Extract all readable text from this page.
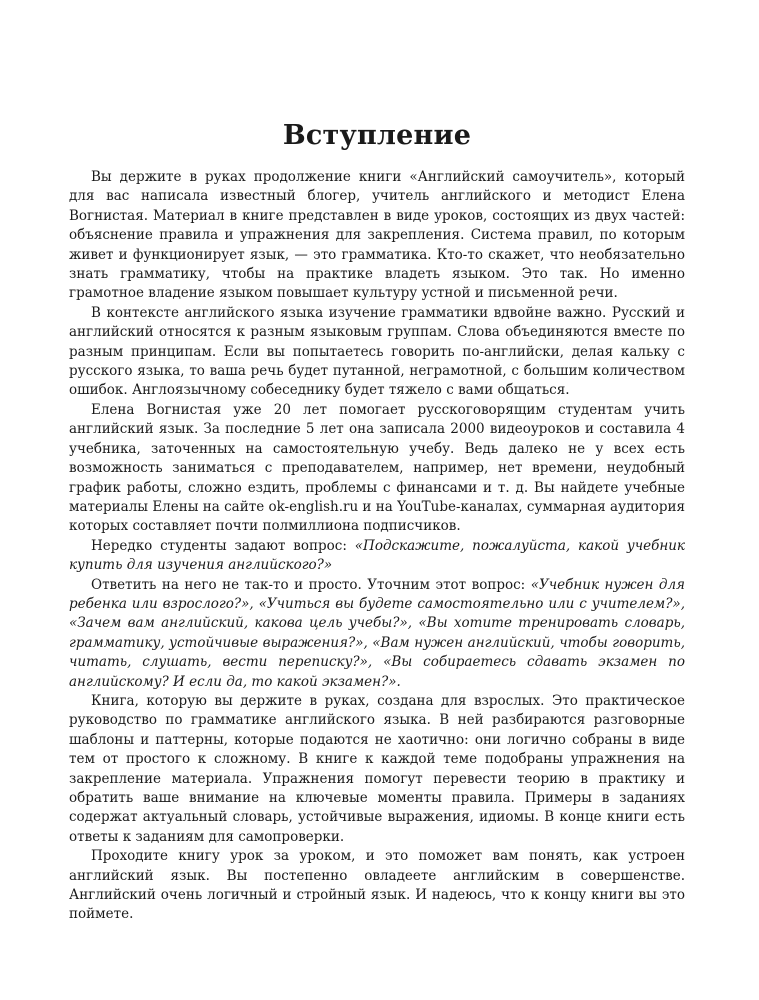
Вступление

Вы держите в руках продолжение книги «Английский самоучитель», который для вас написала известный блогер, учитель английского и методист Елена Вогнистая. Материал в книге представлен в виде уроков, состоящих из двух частей: объяснение правила и упражнения для закрепления. Система правил, по которым живет и функционирует язык, — это грамматика. Кто-то скажет, что необязательно знать грамматику, чтобы на практике владеть языком. Это так. Но именно грамотное владение языком повышает культуру устной и письменной речи.

В контексте английского языка изучение грамматики вдвойне важно. Русский и английский относятся к разным языковым группам. Слова объединяются вместе по разным принципам. Если вы попытаетесь говорить по-английски, делая кальку с русского языка, то ваша речь будет путанной, неграмотной, с большим количеством ошибок. Англоязычному собеседнику будет тяжело с вами общаться.

Елена Вогнистая уже 20 лет помогает русскоговорящим студентам учить английский язык. За последние 5 лет она записала 2000 видеоуроков и составила 4 учебника, заточенных на самостоятельную учебу. Ведь далеко не у всех есть возможность заниматься с преподавателем, например, нет времени, неудобный график работы, сложно ездить, проблемы с финансами и т. д. Вы найдете учебные материалы Елены на сайте ok-english.ru и на YouTube-каналах, суммарная аудитория которых составляет почти полмиллиона подписчиков.

Нередко студенты задают вопрос: «Подскажите, пожалуйста, какой учебник купить для изучения английского?»

Ответить на него не так-то и просто. Уточним этот вопрос: «Учебник нужен для ребенка или взрослого?», «Учиться вы будете самостоятельно или с учителем?», «Зачем вам английский, какова цель учебы?», «Вы хотите тренировать словарь, грамматику, устойчивые выражения?», «Вам нужен английский, чтобы говорить, читать, слушать, вести переписку?», «Вы собираетесь сдавать экзамен по английскому? И если да, то какой экзамен?».

Книга, которую вы держите в руках, создана для взрослых. Это практическое руководство по грамматике английского языка. В ней разбираются разговорные шаблоны и паттерны, которые подаются не хаотично: они логично собраны в виде тем от простого к сложному. В книге к каждой теме подобраны упражнения на закрепление материала. Упражнения помогут перевести теорию в практику и обратить ваше внимание на ключевые моменты правила. Примеры в заданиях содержат актуальный словарь, устойчивые выражения, идиомы. В конце книги есть ответы к заданиям для самопроверки.

Проходите книгу урок за уроком, и это поможет вам понять, как устроен английский язык. Вы постепенно овладеете английским в совершенстве. Английский очень логичный и стройный язык. И надеюсь, что к концу книги вы это поймете.
